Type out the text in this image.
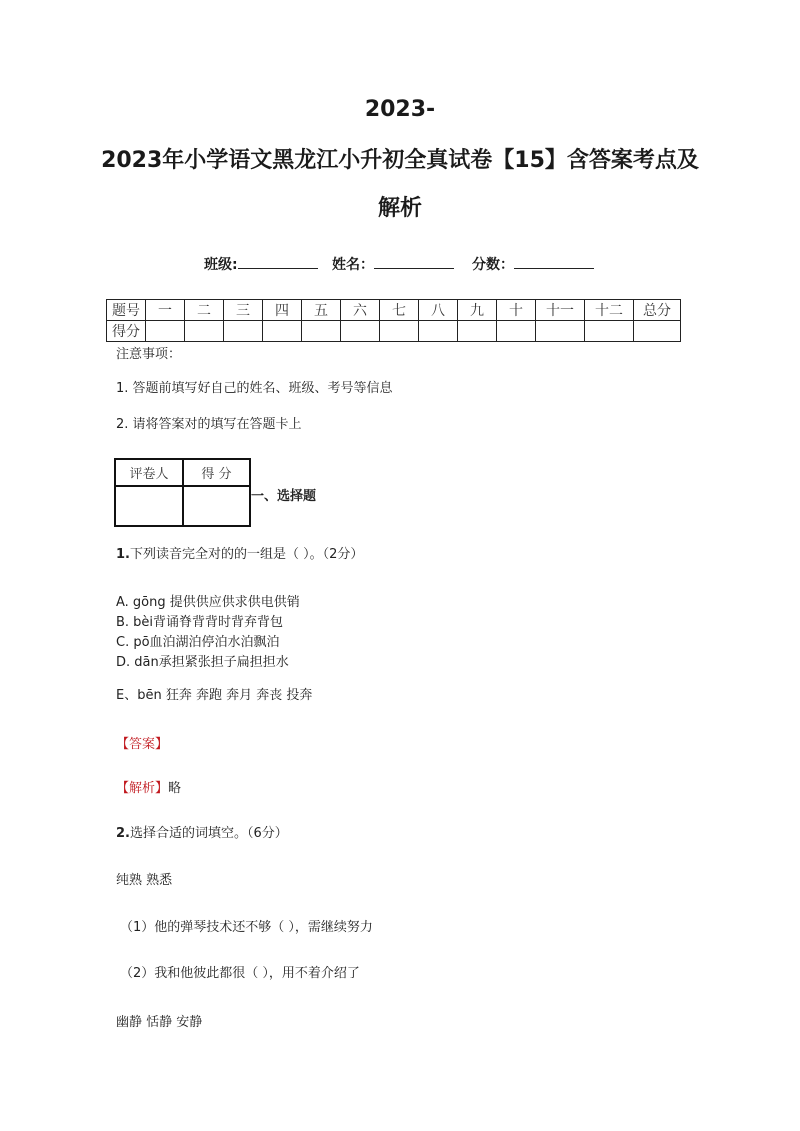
2023-
2023年小学语文黑龙江小升初全真试卷【15】含答案考点及
解析
班级:	姓名：	分数：
题号	一	二	三	四	五	六	七	八	九	十	十一	十二	总分
得分													
注意事项：
1. 答题前填写好自己的姓名、班级、考号等信息
2. 请将答案对的填写在答题卡上
评卷人	得 分

一、选择题
1.下列读音完全对的的一组是（ ）。（2分）
A. gōng 提供供应供求供电供销
B. bèi背诵脊背背时背弃背包
C. pō血泊湖泊停泊水泊飘泊
D. dān承担紧张担子扁担担水
E、bēn 狂奔 奔跑 奔月 奔丧 投奔
【答案】
【解析】略
2.选择合适的词填空。（6分）
纯熟 熟悉
（1）他的弹琴技术还不够（ ），需继续努力
（2）我和他彼此都很（ ），用不着介绍了
幽静 恬静 安静
